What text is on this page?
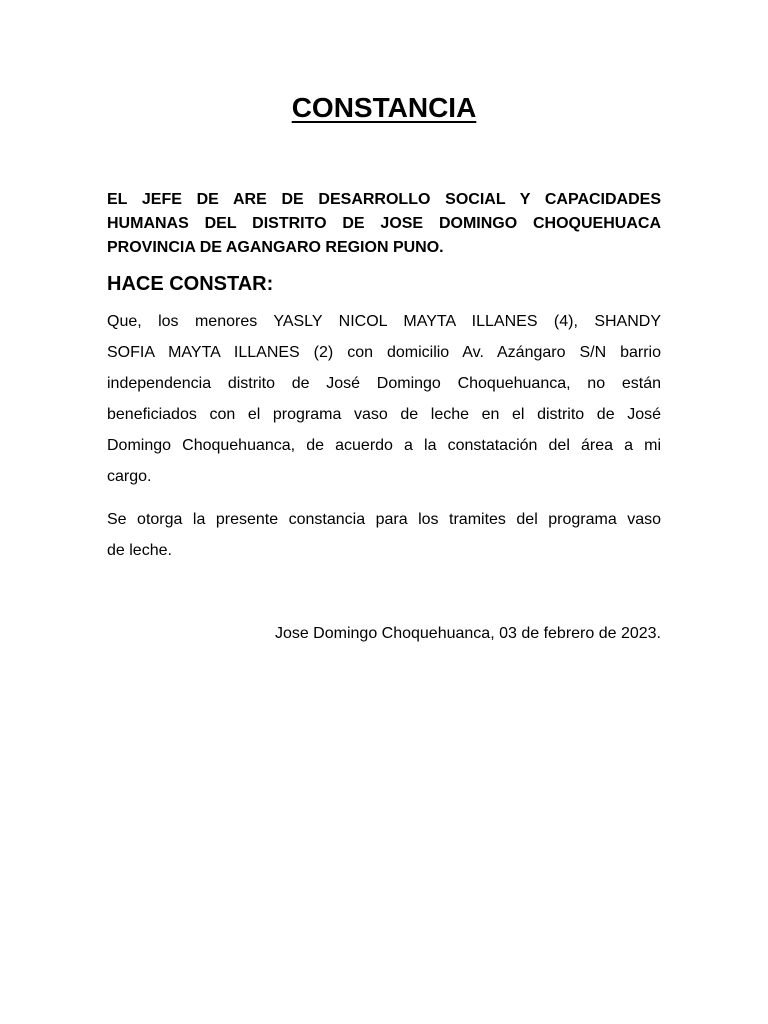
CONSTANCIA
EL JEFE DE ARE DE DESARROLLO SOCIAL Y CAPACIDADES
HUMANAS DEL DISTRITO DE JOSE DOMINGO CHOQUEHUACA
PROVINCIA DE AGANGARO REGION PUNO.
HACE CONSTAR:
Que, los menores YASLY NICOL MAYTA ILLANES (4), SHANDY
SOFIA MAYTA ILLANES (2) con domicilio Av. Azángaro S/N barrio
independencia distrito de José Domingo Choquehuanca, no están
beneficiados con el programa vaso de leche en el distrito de José
Domingo Choquehuanca, de acuerdo a la constatación del área a mi
cargo.
Se otorga la presente constancia para los tramites del programa vaso
de leche.

Jose Domingo Choquehuanca, 03 de febrero de 2023.
